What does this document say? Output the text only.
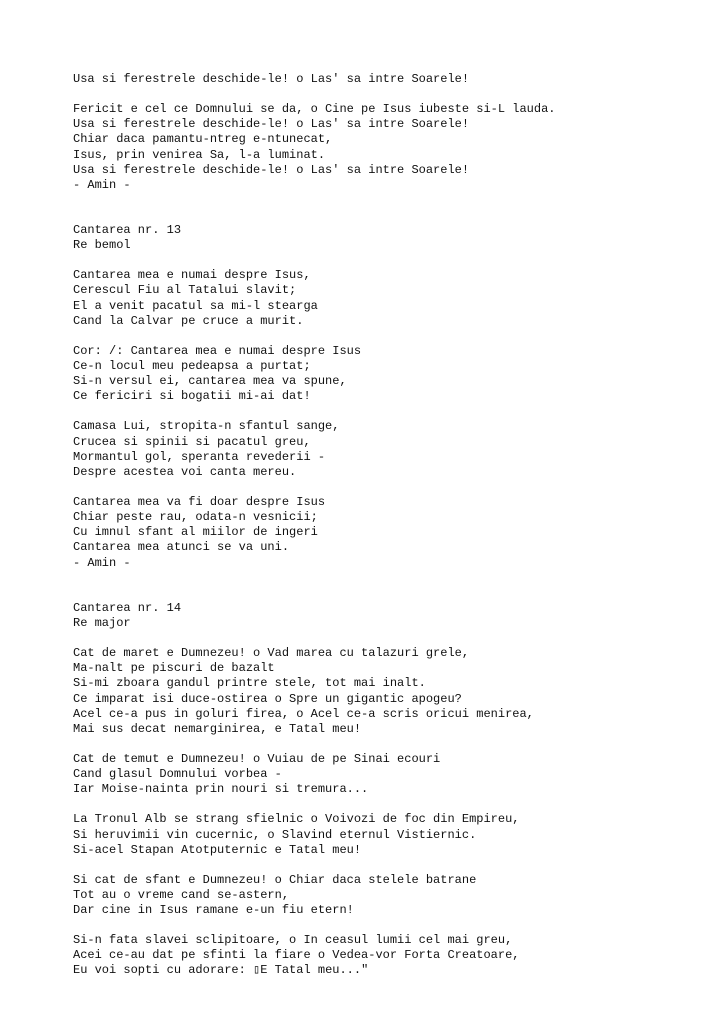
Usa si ferestrele deschide-le! o Las' sa intre Soarele!
Fericit e cel ce Domnului se da, o Cine pe Isus iubeste si-L lauda.
Usa si ferestrele deschide-le! o Las' sa intre Soarele!
Chiar daca pamantu-ntreg e-ntunecat,
Isus, prin venirea Sa, l-a luminat.
Usa si ferestrele deschide-le! o Las' sa intre Soarele!
- Amin -
Cantarea nr. 13
Re bemol
Cantarea mea e numai despre Isus,
Cerescul Fiu al Tatalui slavit;
El a venit pacatul sa mi-l stearga
Cand la Calvar pe cruce a murit.
Cor: /: Cantarea mea e numai despre Isus
Ce-n locul meu pedeapsa a purtat;
Si-n versul ei, cantarea mea va spune,
Ce fericiri si bogatii mi-ai dat!
Camasa Lui, stropita-n sfantul sange,
Crucea si spinii si pacatul greu,
Mormantul gol, speranta revederii -
Despre acestea voi canta mereu.
Cantarea mea va fi doar despre Isus
Chiar peste rau, odata-n vesnicii;
Cu imnul sfant al miilor de ingeri
Cantarea mea atunci se va uni.
- Amin -
Cantarea nr. 14
Re major
Cat de maret e Dumnezeu! o Vad marea cu talazuri grele,
Ma-nalt pe piscuri de bazalt
Si-mi zboara gandul printre stele, tot mai inalt.
Ce imparat isi duce-ostirea o Spre un gigantic apogeu?
Acel ce-a pus in goluri firea, o Acel ce-a scris oricui menirea,
Mai sus decat nemarginirea, e Tatal meu!
Cat de temut e Dumnezeu! o Vuiau de pe Sinai ecouri
Cand glasul Domnului vorbea -
Iar Moise-nainta prin nouri si tremura...
La Tronul Alb se strang sfielnic o Voivozi de foc din Empireu,
Si heruvimii vin cucernic, o Slavind eternul Vistiernic.
Si-acel Stapan Atotputernic e Tatal meu!
Si cat de sfant e Dumnezeu! o Chiar daca stelele batrane
Tot au o vreme cand se-astern,
Dar cine in Isus ramane e-un fiu etern!
Si-n fata slavei sclipitoare, o In ceasul lumii cel mai greu,
Acei ce-au dat pe sfinti la fiare o Vedea-vor Forta Creatoare,
Eu voi sopti cu adorare: ▯E Tatal meu..."
